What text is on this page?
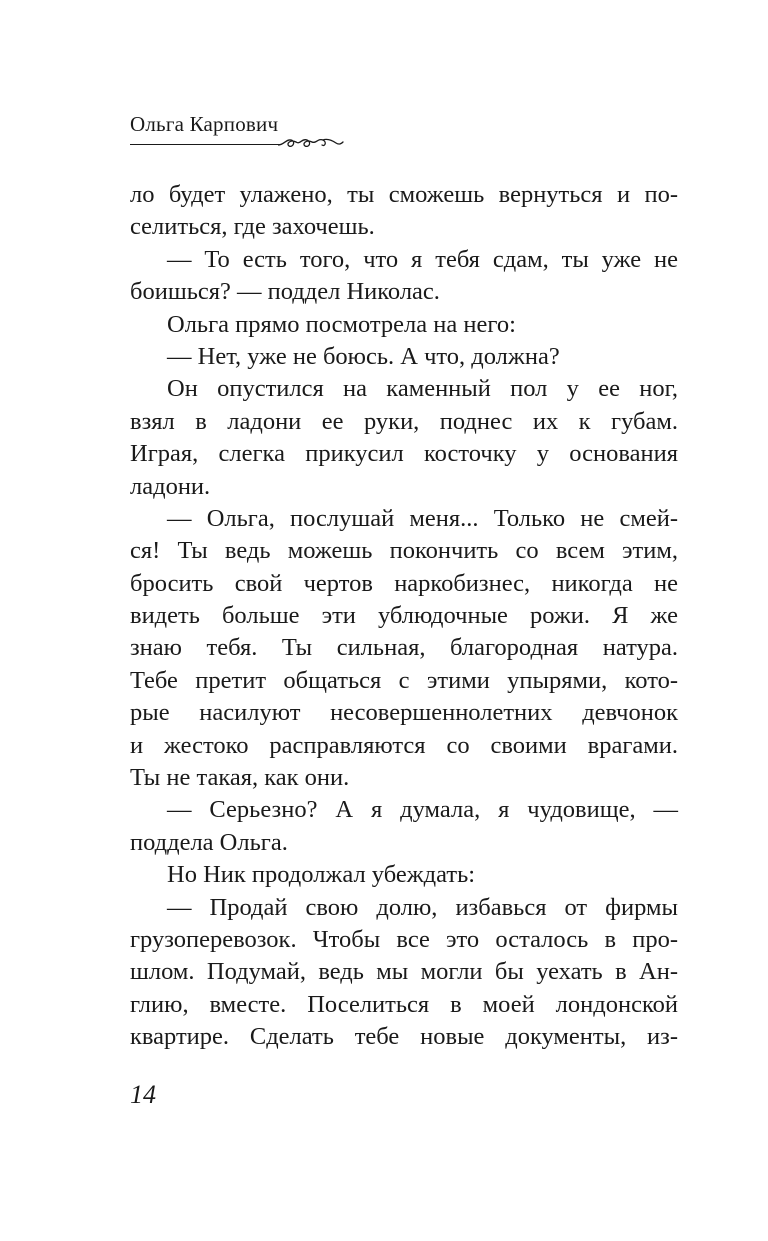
Ольга Карпович
ло будет улажено, ты сможешь вернуться и по-
селиться, где захочешь.
— То есть того, что я тебя сдам, ты уже не
боишься? — поддел Николас.
Ольга прямо посмотрела на него:
— Нет, уже не боюсь. А что, должна?
Он опустился на каменный пол у ее ног,
взял в ладони ее руки, поднес их к губам.
Играя, слегка прикусил косточку у основания
ладони.
— Ольга, послушай меня... Только не смей-
ся! Ты ведь можешь покончить со всем этим,
бросить свой чертов наркобизнес, никогда не
видеть больше эти ублюдочные рожи. Я же
знаю тебя. Ты сильная, благородная натура.
Тебе претит общаться с этими упырями, кото-
рые насилуют несовершеннолетних девчонок
и жестоко расправляются со своими врагами.
Ты не такая, как они.
— Серьезно? А я думала, я чудовище, —
поддела Ольга.
Но Ник продолжал убеждать:
— Продай свою долю, избавься от фирмы
грузоперевозок. Чтобы все это осталось в про-
шлом. Подумай, ведь мы могли бы уехать в Ан-
глию, вместе. Поселиться в моей лондонской
квартире. Сделать тебе новые документы, из-
14
